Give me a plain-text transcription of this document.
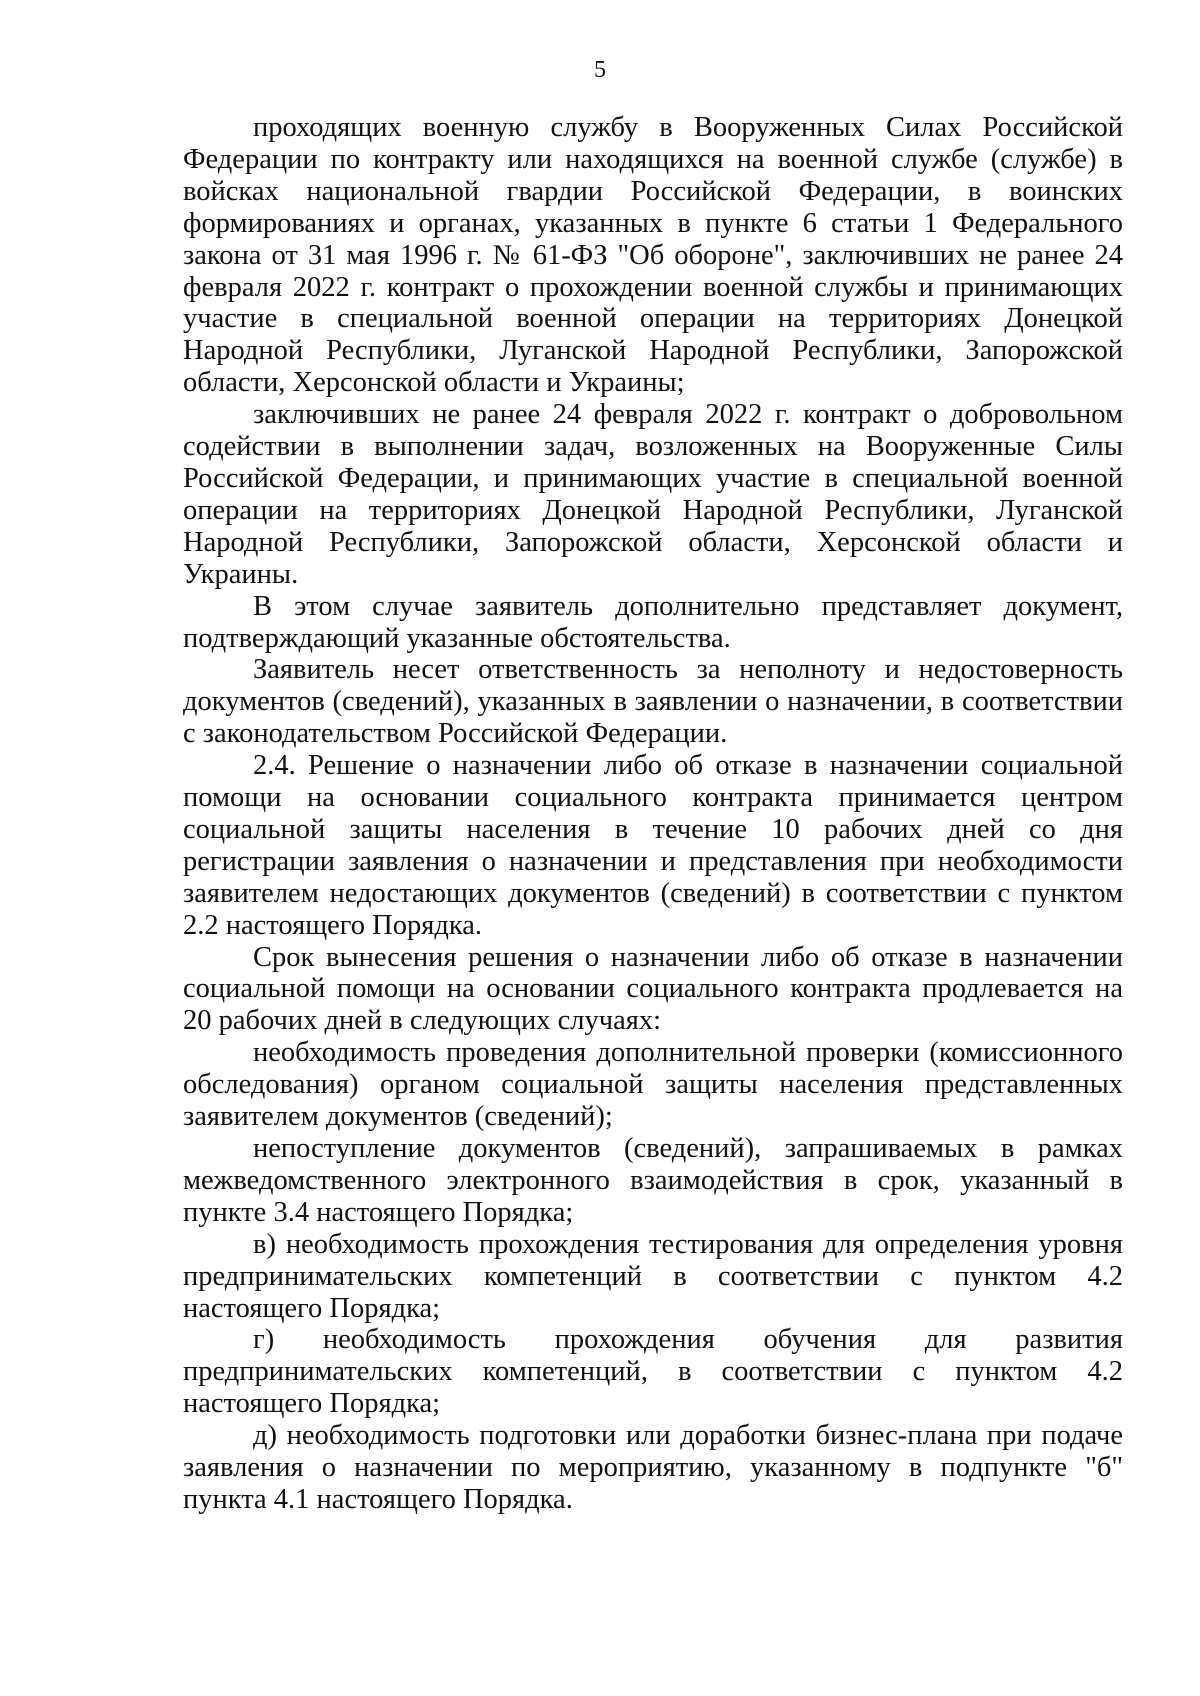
5

проходящих военную службу в Вооруженных Силах Российской Федерации по контракту или находящихся на военной службе (службе) в войсках национальной гвардии Российской Федерации, в воинских формированиях и органах, указанных в пункте 6 статьи 1 Федерального закона от 31 мая 1996 г. № 61-ФЗ "Об обороне", заключивших не ранее 24 февраля 2022 г. контракт о прохождении военной службы и принимающих участие в специальной военной операции на территориях Донецкой Народной Республики, Луганской Народной Республики, Запорожской области, Херсонской области и Украины;

заключивших не ранее 24 февраля 2022 г. контракт о добровольном содействии в выполнении задач, возложенных на Вооруженные Силы Российской Федерации, и принимающих участие в специальной военной операции на территориях Донецкой Народной Республики, Луганской Народной Республики, Запорожской области, Херсонской области и Украины.

В этом случае заявитель дополнительно представляет документ, подтверждающий указанные обстоятельства.

Заявитель несет ответственность за неполноту и недостоверность документов (сведений), указанных в заявлении о назначении, в соответствии с законодательством Российской Федерации.

2.4. Решение о назначении либо об отказе в назначении социальной помощи на основании социального контракта принимается центром социальной защиты населения в течение 10 рабочих дней со дня регистрации заявления о назначении и представления при необходимости заявителем недостающих документов (сведений) в соответствии с пунктом 2.2 настоящего Порядка.

Срок вынесения решения о назначении либо об отказе в назначении социальной помощи на основании социального контракта продлевается на 20 рабочих дней в следующих случаях:

необходимость проведения дополнительной проверки (комиссионного обследования) органом социальной защиты населения представленных заявителем документов (сведений);

непоступление документов (сведений), запрашиваемых в рамках межведомственного электронного взаимодействия в срок, указанный в пункте 3.4 настоящего Порядка;

в) необходимость прохождения тестирования для определения уровня предпринимательских компетенций в соответствии с пунктом 4.2 настоящего Порядка;

г) необходимость прохождения обучения для развития предпринимательских компетенций, в соответствии с пунктом 4.2 настоящего Порядка;

д) необходимость подготовки или доработки бизнес-плана при подаче заявления о назначении по мероприятию, указанному в подпункте "б" пункта 4.1 настоящего Порядка.
